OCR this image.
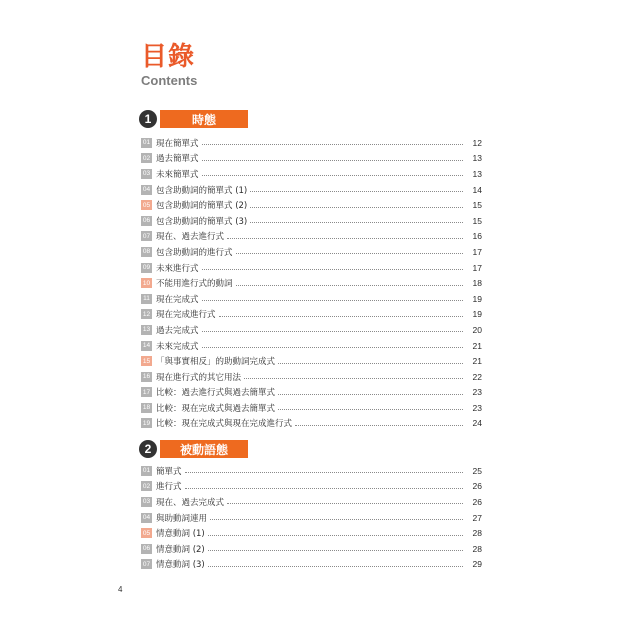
目錄
Contents
1	時態
01 現在簡單式	12
02 過去簡單式	13
03 未來簡單式	13
04 包含助動詞的簡單式 (1)	14
05 包含助動詞的簡單式 (2)	15
06 包含助動詞的簡單式 (3)	15
07 現在、過去進行式	16
08 包含助動詞的進行式	17
09 未來進行式	17
10 不能用進行式的動詞	18
11 現在完成式	19
12 現在完成進行式	19
13 過去完成式	20
14 未來完成式	21
15 「與事實相反」的助動詞完成式	21
16 現在進行式的其它用法	22
17 比較：過去進行式與過去簡單式	23
18 比較：現在完成式與過去簡單式	23
19 比較：現在完成式與現在完成進行式	24
2	被動語態
01 簡單式	25
02 進行式	26
03 現在、過去完成式	26
04 與助動詞連用	27
05 情意動詞 (1)	28
06 情意動詞 (2)	28
07 情意動詞 (3)	29
4
